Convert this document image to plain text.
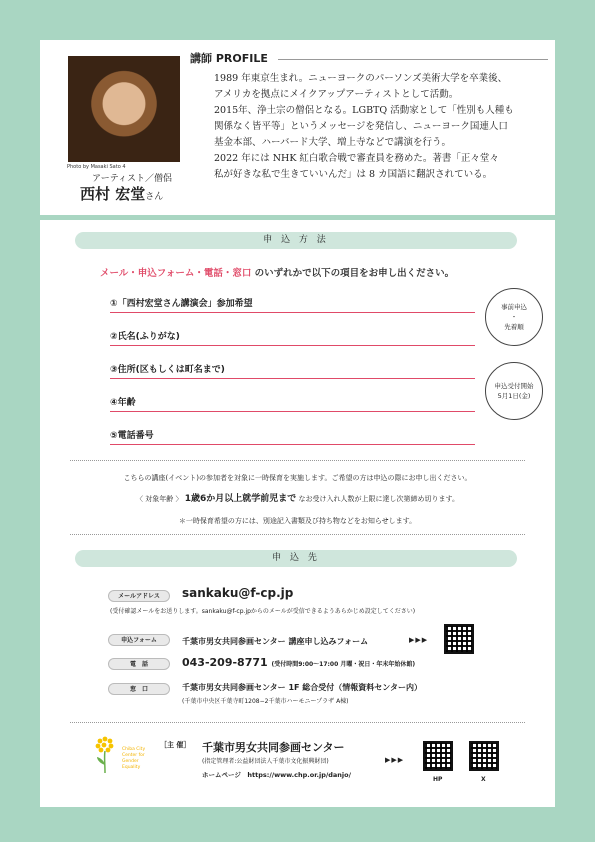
Photo by Masaki Sato 4
アーティスト／僧侶
西村 宏堂さん
講師 PROFILE

1989 年東京生まれ。ニューヨークのパーソンズ美術大学を卒業後、

アメリカを拠点にメイクアップアーティストとして活動。

2015年、浄土宗の僧侶となる。LGBTQ 活動家として「性別も人種も

関係なく皆平等」というメッセージを発信し、ニューヨーク国連人口

基金本部、ハーバード大学、増上寺などで講演を行う。

2022 年には NHK 紅白歌合戦で審査員を務めた。著書「正々堂々

私が好きな私で生きていいんだ」は 8 カ国語に翻訳されている。

申 込 方 法
メール・申込フォーム・電話・窓口 のいずれかで以下の項目をお申し出ください。
①「西村宏堂さん講演会」参加希望
②氏名(ふりがな)
③住所(区もしくは町名まで)
④年齢
⑤電話番号
事前申込
・
先着順
申込受付開始
5月1日(金)
こちらの講座(イベント)の参加者を対象に一時保育を実施します。ご希望の方は申込の際にお申し出ください。
〈 対象年齢 〉 1歳6か月以上就学前児まで なお受け入れ人数が上限に達し次第締め切ります。
＊一時保育希望の方には、別途記入書類及び持ち物などをお知らせします。
申 込 先
メールアドレス	sankaku@f-cp.jp
(受付確認メールをお送りします。sankaku@f-cp.jpからのメールが受信できるようあらかじめ設定してください)
申込フォーム	千葉市男女共同参画センター 講座申し込みフォーム	▶▶▶
電　話	043-209-8771 (受付時間9:00～17:00 月曜・祝日・年末年始休館)
窓　口	千葉市男女共同参画センター 1F 総合受付（情報資料センター内）
(千葉市中央区千葉寺町1208−2千葉市ハーモニープラザ A棟)
Chiba City
Center for
Gender
Equality
［主 催］ 千葉市男女共同参画センター
(指定管理者:公益財団法人千葉市文化振興財団)
ホームページ　https://www.chp.or.jp/danjo/
▶▶▶
HP	X
